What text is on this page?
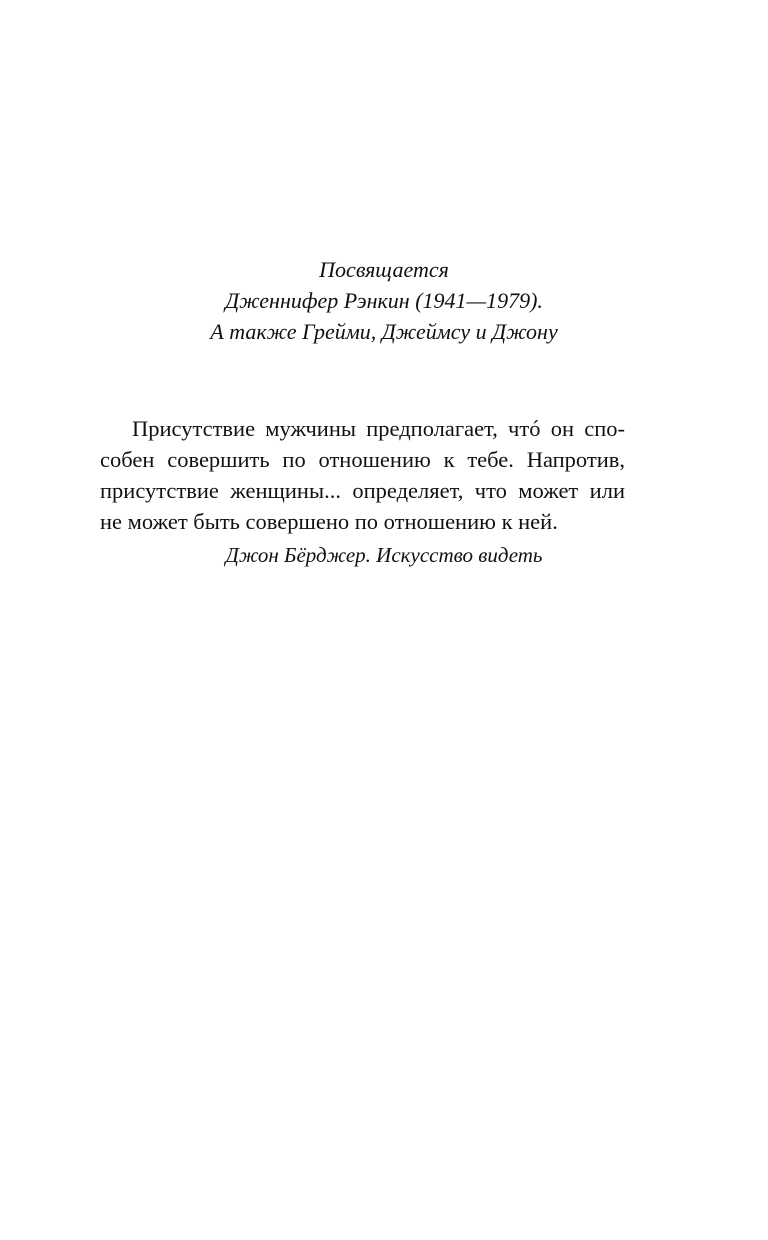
Посвящается
Дженнифер Рэнкин (1941—1979).
А также Грейми, Джеймсу и Джону
Присутствие мужчины предполагает, чтó он спо-
собен совершить по отношению к тебе. Напротив,
присутствие женщины... определяет, что может или
не может быть совершено по отношению к ней.
Джон Бёрджер. Искусство видеть
